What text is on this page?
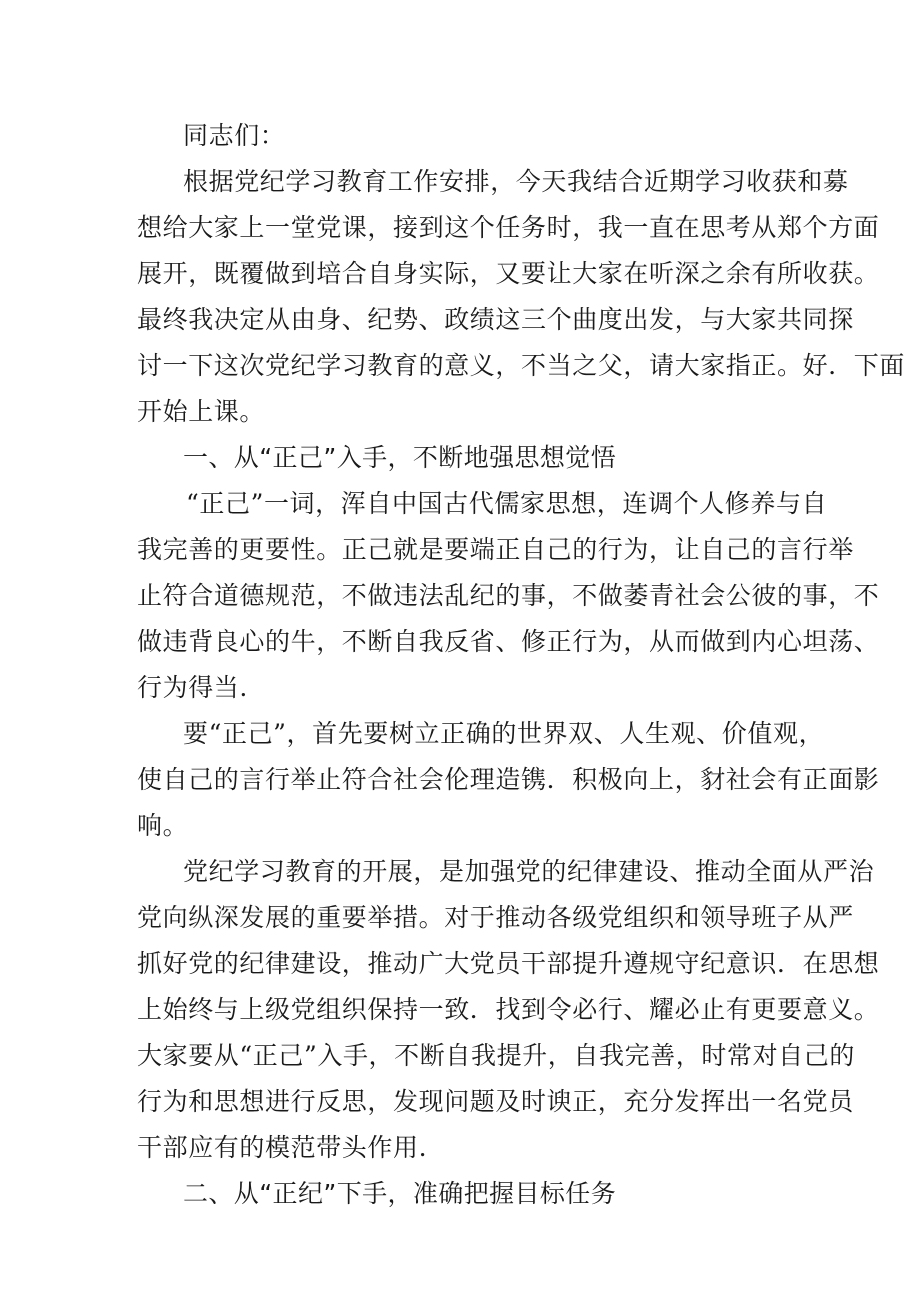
同志们：
根据党纪学习教育工作安排，今天我结合近期学习收获和募
想给大家上一堂党课，接到这个任务时，我一直在思考从郑个方面
展开，既覆做到培合自身实际，又要让大家在听深之余有所收获。
最终我决定从由身、纪势、政绩这三个曲度出发，与大家共同探
讨一下这次党纪学习教育的意义，不当之父，请大家指正。好．下面
开始上课。
一、从“正己”入手，不断地强思想觉悟
“正己”一词，浑自中国古代儒家思想，连调个人修养与自
我完善的更要性。正己就是要端正自己的行为，让自己的言行举
止符合道德规范，不做违法乱纪的事，不做萎青社会公彼的事，不
做违背良心的牛，不断自我反省、修正行为，从而做到内心坦荡、
行为得当.
要“正己”，首先要树立正确的世界双、人生观、价值观，
使自己的言行举止符合社会伦理造镌．积极向上，豺社会有正面影
响。
党纪学习教育的开展，是加强党的纪律建设、推动全面从严治
党向纵深发展的重要举措。对于推动各级党组织和领导班子从严
抓好党的纪律建设，推动广大党员干部提升遵规守纪意识．在思想
上始终与上级党组织保持一致．找到令必行、耀必止有更要意义。
大家要从“正己”入手，不断自我提升，自我完善，时常对自己的
行为和思想进行反思，发现问题及时谀正，充分发挥出一名党员
干部应有的模范带头作用.
二、从“正纪”下手，准确把握目标任务
